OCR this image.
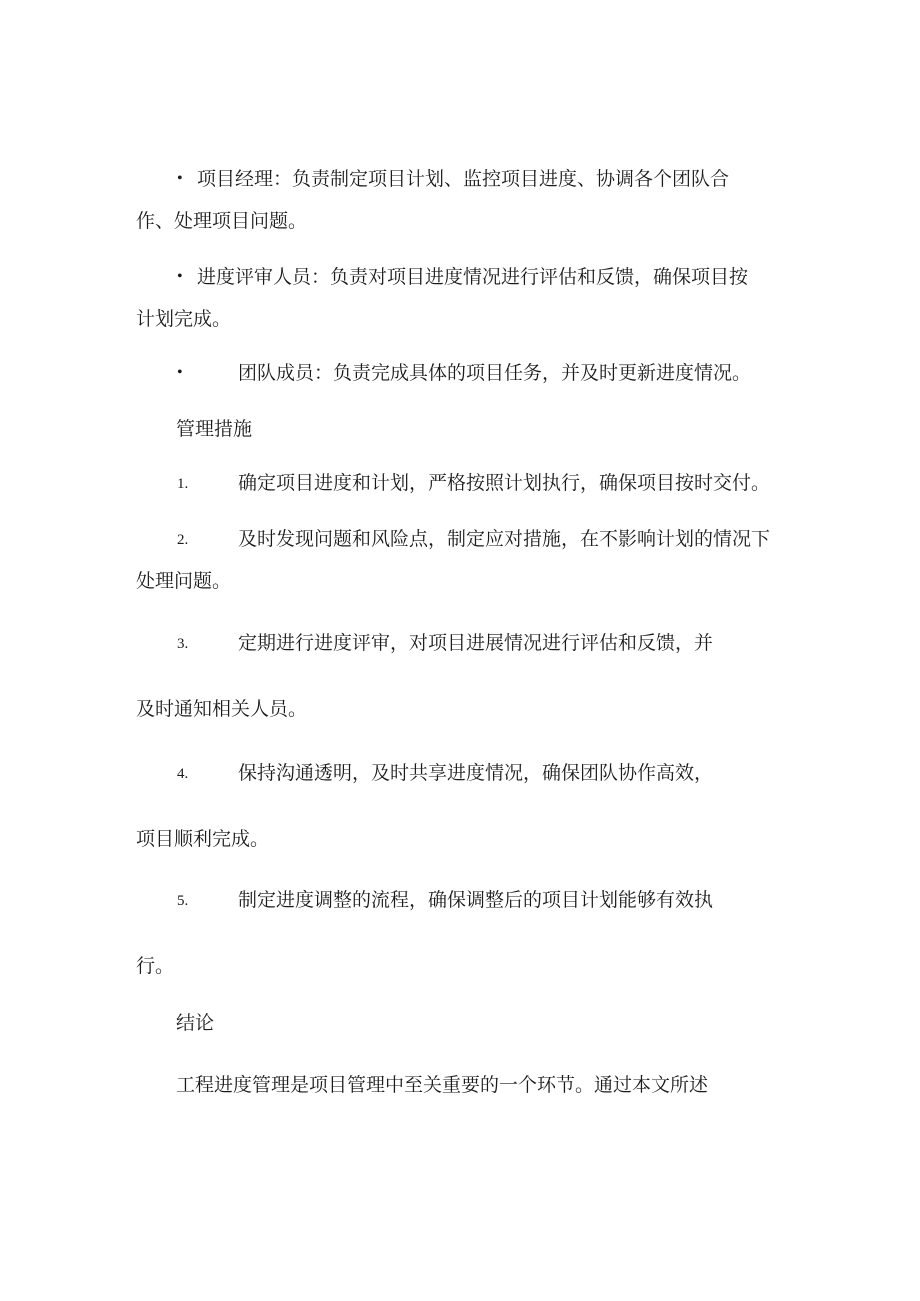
• 项目经理：负责制定项目计划、监控项目进度、协调各个团队合

作、处理项目问题。

• 进度评审人员：负责对项目进度情况进行评估和反馈，确保项目按

计划完成。

•	团队成员：负责完成具体的项目任务，并及时更新进度情况。

管理措施

1.	确定项目进度和计划，严格按照计划执行，确保项目按时交付。

2.	及时发现问题和风险点，制定应对措施，在不影响计划的情况下

处理问题。

3.	定期进行进度评审，对项目进展情况进行评估和反馈，并

及时通知相关人员。

4.	保持沟通透明，及时共享进度情况，确保团队协作高效，

项目顺利完成。

5.	制定进度调整的流程，确保调整后的项目计划能够有效执

行。

结论

工程进度管理是项目管理中至关重要的一个环节。通过本文所述
